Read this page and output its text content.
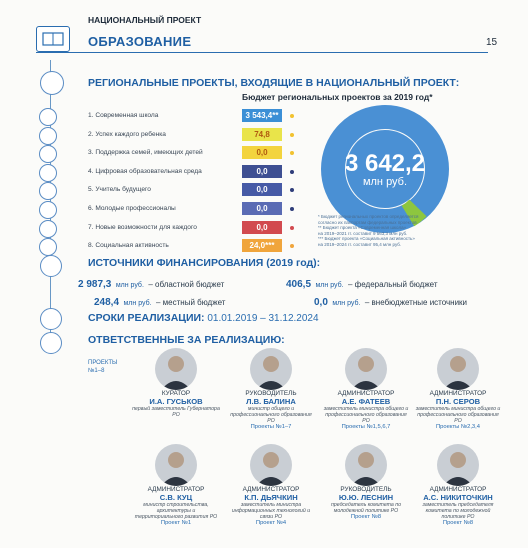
НАЦИОНАЛЬНЫЙ ПРОЕКТ
ОБРАЗОВАНИЕ	15
РЕГИОНАЛЬНЫЕ ПРОЕКТЫ, ВХОДЯЩИЕ В НАЦИОНАЛЬНЫЙ ПРОЕКТ:
Бюджет региональных проектов за 2019 год*
1. Современная школа	3 543,4**
2. Успех каждого ребенка	74,8
3. Поддержка семей, имеющих детей	0,0
4. Цифровая образовательная среда	0,0
5. Учитель будущего	0,0
6. Молодые профессионалы	0,0
7. Новые возможности для каждого	0,0
8. Социальная активность	24,0***
3 642,2
млн руб.
* Бюджет региональных проектов определяется
согласно их паспортам федеральных проектов
** Бюджет проекта «Современная школа»
на 2019–2021 гг. составит 9 563,3 млн руб.
*** Бюджет проекта «Социальная активность»
на 2019–2024 гг. составит 95,4 млн руб.
ИСТОЧНИКИ ФИНАНСИРОВАНИЯ (2019 год):
2 987,3 млн руб. – областной бюджет	406,5 млн руб. – федеральный бюджет
248,4 млн руб. – местный бюджет	0,0 млн руб. – внебюджетные источники
СРОКИ РЕАЛИЗАЦИИ: 01.01.2019 – 31.12.2024
ОТВЕТСТВЕННЫЕ ЗА РЕАЛИЗАЦИЮ:
ПРОЕКТЫ
№1–8
КУРАТОР
И.А. ГУСЬКОВ
первый заместитель Губернатора РО
РУКОВОДИТЕЛЬ
Л.В. БАЛИНА
министр общего и профессионального образования РО
Проекты №1–7
АДМИНИСТРАТОР
А.Е. ФАТЕЕВ
заместитель министра общего и профессионального образования РО
Проекты №1,5,6,7
АДМИНИСТРАТОР
П.Н. СЕРОВ
заместитель министра общего и профессионального образования РО
Проекты №2,3,4
АДМИНИСТРАТОР
С.В. КУЦ
министр строительства, архитектуры и территориального развития РО
Проект №1
АДМИНИСТРАТОР
К.П. ДЬЯЧКИН
заместитель министра информационных технологий и связи РО
Проект №4
РУКОВОДИТЕЛЬ
Ю.Ю. ЛЕСНИН
председатель комитета по молодежной политике РО
Проект №8
АДМИНИСТРАТОР
А.С. НИКИТОЧКИН
заместитель председателя комитета по молодежной политике РО
Проект №8
